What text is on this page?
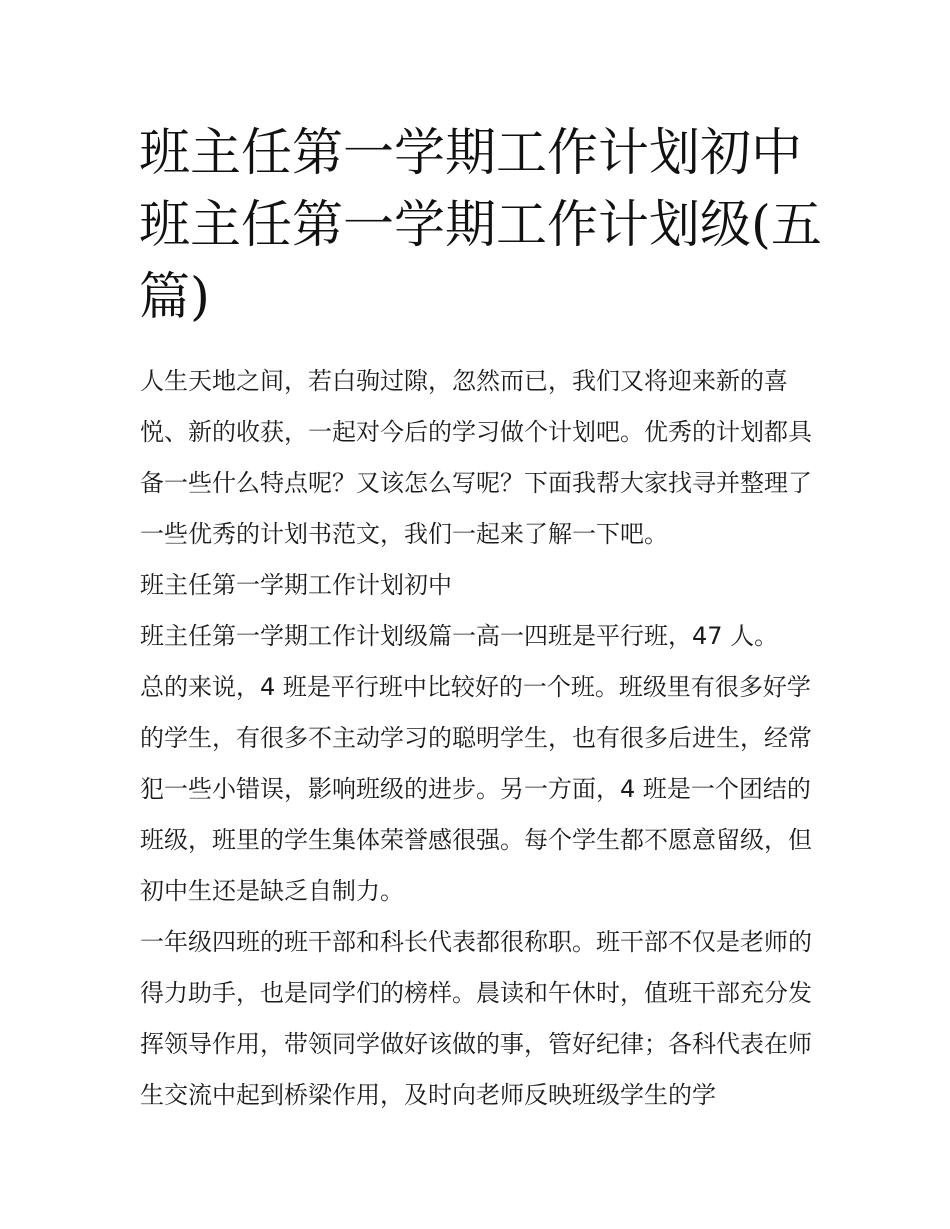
班主任第一学期工作计划初中班主任第一学期工作计划级(五篇)

人生天地之间，若白驹过隙，忽然而已，我们又将迎来新的喜悦、新的收获，一起对今后的学习做个计划吧。优秀的计划都具备一些什么特点呢？又该怎么写呢？下面我帮大家找寻并整理了一些优秀的计划书范文，我们一起来了解一下吧。

班主任第一学期工作计划初中

班主任第一学期工作计划级篇一高一四班是平行班，47 人。

总的来说，4 班是平行班中比较好的一个班。班级里有很多好学的学生，有很多不主动学习的聪明学生，也有很多后进生，经常犯一些小错误，影响班级的进步。另一方面，4 班是一个团结的班级，班里的学生集体荣誉感很强。每个学生都不愿意留级，但初中生还是缺乏自制力。

一年级四班的班干部和科长代表都很称职。班干部不仅是老师的得力助手，也是同学们的榜样。晨读和午休时，值班干部充分发挥领导作用，带领同学做好该做的事，管好纪律；各科代表在师生交流中起到桥梁作用，及时向老师反映班级学生的学
